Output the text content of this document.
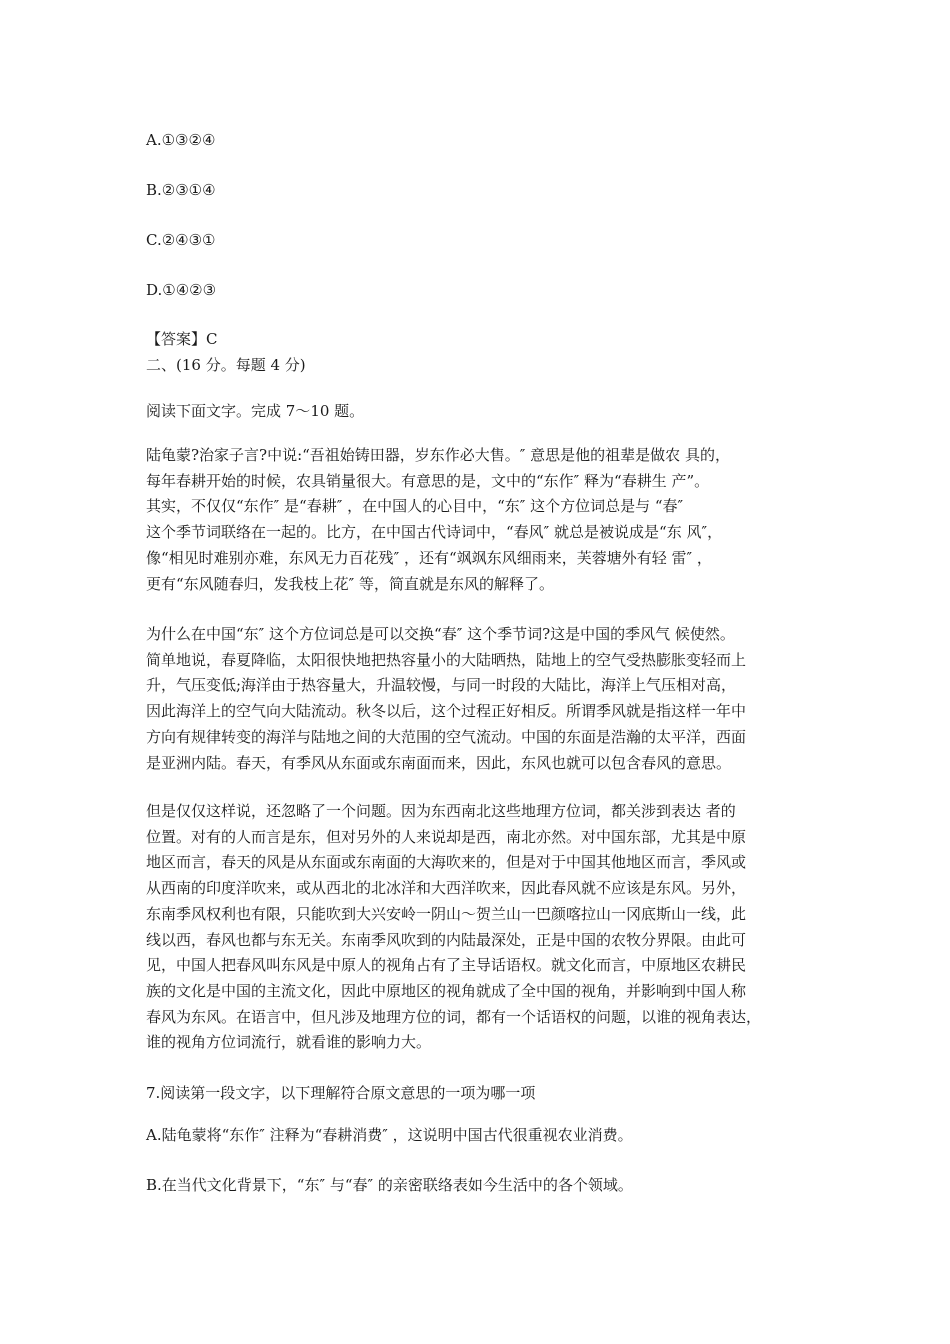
A.①③②④
B.②③①④
C.②④③①
D.①④②③
【答案】C
二、(16 分。每题 4 分)
阅读下面文字。完成 7～10 题。
陆龟蒙?治家子言?中说:“吾祖始铸田器，岁东作必大售。″ 意思是他的祖辈是做农 具的，
每年春耕开始的时候，农具销量很大。有意思的是，文中的“东作″ 释为“春耕生 产”。
其实，不仅仅“东作″ 是“春耕″ ，在中国人的心目中，“东″ 这个方位词总是与 “春″
这个季节词联络在一起的。比方，在中国古代诗词中，“春风″ 就总是被说成是“东 风″，
像“相见时难别亦难，东风无力百花残″ ，还有“飒飒东风细雨来，芙蓉塘外有轻 雷″ ，
更有“东风随春归，发我枝上花″ 等，简直就是东风的解释了。
为什么在中国“东″ 这个方位词总是可以交换“春″ 这个季节词?这是中国的季风气 候使然。
简单地说，春夏降临，太阳很快地把热容量小的大陆晒热，陆地上的空气受热膨胀变轻而上
升，气压变低;海洋由于热容量大，升温较慢，与同一时段的大陆比，海洋上气压相对高，
因此海洋上的空气向大陆流动。秋冬以后，这个过程正好相反。所谓季风就是指这样一年中
方向有规律转变的海洋与陆地之间的大范围的空气流动。中国的东面是浩瀚的太平洋，西面
是亚洲内陆。春天，有季风从东面或东南面而来，因此，东风也就可以包含春风的意思。
但是仅仅这样说，还忽略了一个问题。因为东西南北这些地理方位词，都关涉到表达 者的
位置。对有的人而言是东，但对另外的人来说却是西，南北亦然。对中国东部，尤其是中原
地区而言，春天的风是从东面或东南面的大海吹来的，但是对于中国其他地区而言，季风或
从西南的印度洋吹来，或从西北的北冰洋和大西洋吹来，因此春风就不应该是东风。另外，
东南季风权利也有限，只能吹到大兴安岭一阴山～贺兰山一巴颜喀拉山一冈底斯山一线，此
线以西，春风也都与东无关。东南季风吹到的内陆最深处，正是中国的农牧分界限。由此可
见，中国人把春风叫东风是中原人的视角占有了主导话语权。就文化而言，中原地区农耕民
族的文化是中国的主流文化，因此中原地区的视角就成了全中国的视角，并影响到中国人称
春风为东风。在语言中，但凡涉及地理方位的词，都有一个话语权的问题，以谁的视角表达，
谁的视角方位词流行，就看谁的影响力大。
7.阅读第一段文字，以下理解符合原文意思的一项为哪一项
A.陆龟蒙将“东作″ 注释为“春耕消费″ ，这说明中国古代很重视农业消费。
B.在当代文化背景下，“东″ 与“春″ 的亲密联络表如今生活中的各个领域。
